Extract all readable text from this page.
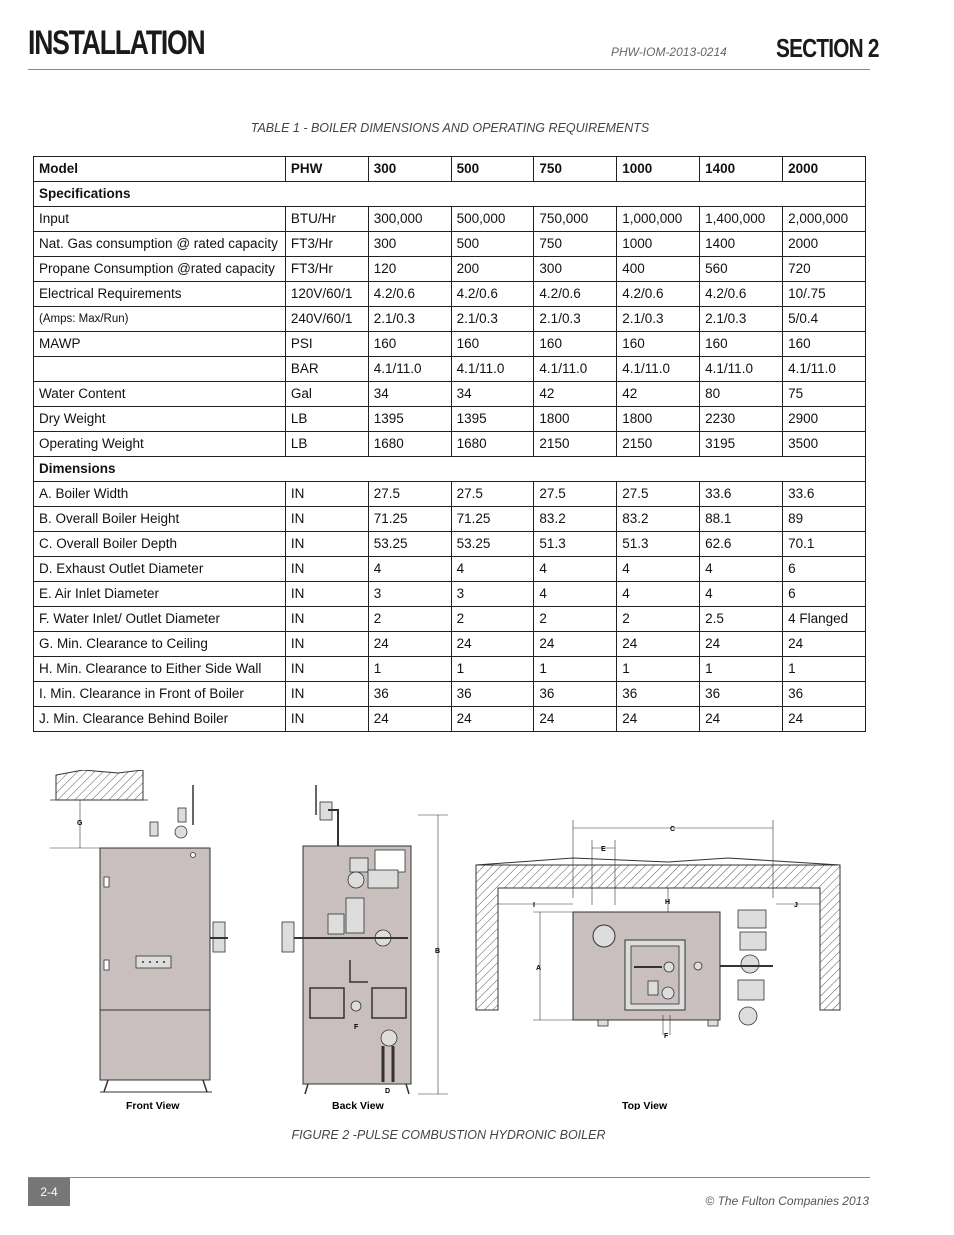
INSTALLATION	PHW-IOM-2013-0214 SECTION 2
TABLE 1 - BOILER DIMENSIONS AND OPERATING REQUIREMENTS
Model	PHW	300	500	750	1000	1400	2000
Specifications							
Input	BTU/Hr	300,000	500,000	750,000	1,000,000	1,400,000	2,000,000
Nat. Gas consumption @ rated capacity	FT3/Hr	300	500	750	1000	1400	2000
Propane Consumption @rated capacity	FT3/Hr	120	200	300	400	560	720
Electrical Requirements	120V/60/1	4.2/0.6	4.2/0.6	4.2/0.6	4.2/0.6	4.2/0.6	10/.75
(Amps: Max/Run)	240V/60/1	2.1/0.3	2.1/0.3	2.1/0.3	2.1/0.3	2.1/0.3	5/0.4
MAWP	PSI	160	160	160	160	160	160
	BAR	4.1/11.0	4.1/11.0	4.1/11.0	4.1/11.0	4.1/11.0	4.1/11.0
Water Content	Gal	34	34	42	42	80	75
Dry Weight	LB	1395	1395	1800	1800	2230	2900
Operating Weight	LB	1680	1680	2150	2150	3195	3500
Dimensions							
A. Boiler Width	IN	27.5	27.5	27.5	27.5	33.6	33.6
B. Overall Boiler Height	IN	71.25	71.25	83.2	83.2	88.1	89
C. Overall Boiler Depth	IN	53.25	53.25	51.3	51.3	62.6	70.1
D. Exhaust Outlet Diameter	IN	4	4	4	4	4	6
E. Air Inlet Diameter	IN	3	3	4	4	4	6
F. Water Inlet/ Outlet Diameter	IN	2	2	2	2	2.5	4 Flanged
G. Min. Clearance to Ceiling	IN	24	24	24	24	24	24
H. Min. Clearance to Either Side Wall	IN	1	1	1	1	1	1
I. Min. Clearance in Front of Boiler	IN	36	36	36	36	36	36
J. Min. Clearance Behind Boiler	IN	24	24	24	24	24	24
G
F
D
B
C
E
I	J
H
A
F
Front View	Back View	Top View
FIGURE 2 -PULSE COMBUSTION HYDRONIC BOILER
2-4
© The Fulton Companies 2013
